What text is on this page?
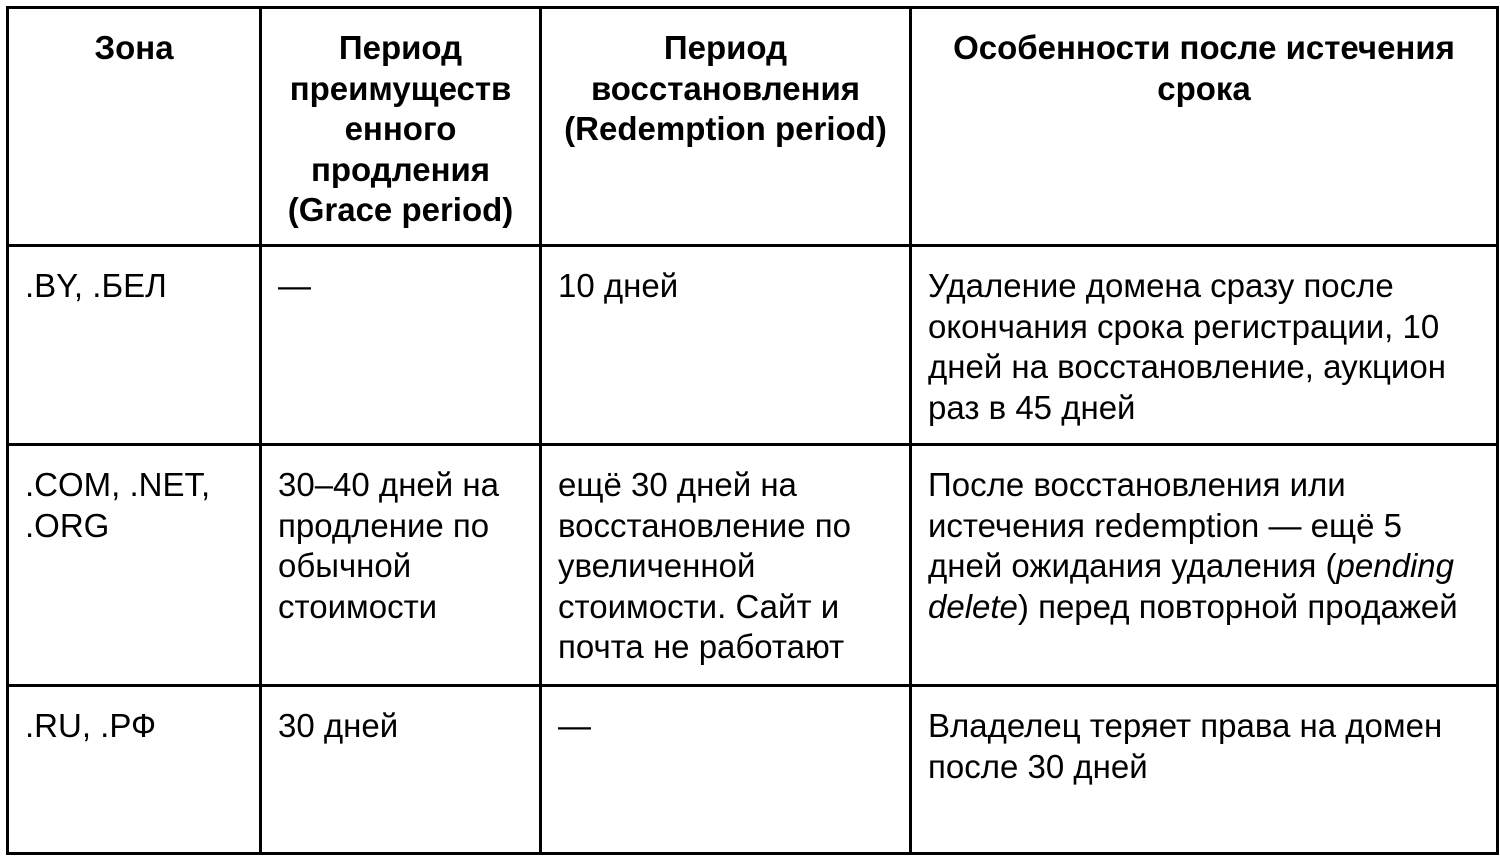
Зона	Период преимуществ енного продления (Grace period)	Период восстановления (Redemption period)	Особенности после истечения срока
.BY, .БЕЛ	—	10 дней	Удаление домена сразу после окончания срока регистрации, 10 дней на восстановление, аукцион раз в 45 дней
.COM, .NET, .ORG	30–40 дней на продление по обычной стоимости	ещё 30 дней на восстановление по увеличенной стоимости. Сайт и почта не работают	После восстановления или истечения redemption — ещё 5 дней ожидания удаления (pending delete) перед повторной продажей
.RU, .РФ	30 дней	—	Владелец теряет права на домен после 30 дней
